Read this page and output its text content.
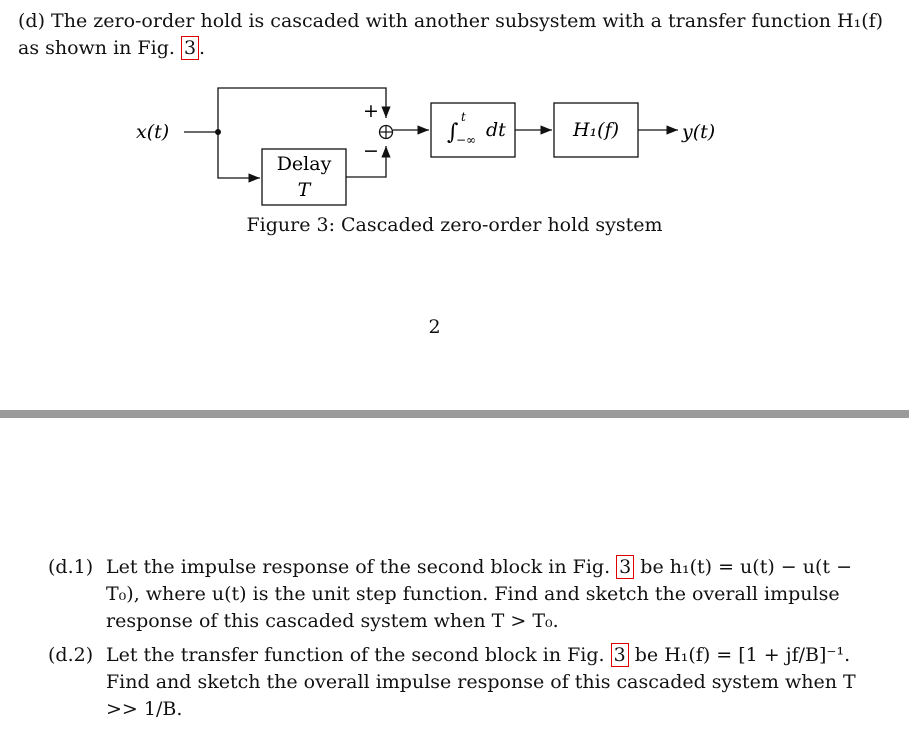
(d) The zero-order hold is cascaded with another subsystem with a transfer function H₁(f) as shown in Fig. 3 .
x(t)
Delay
T
+
−
∫
t
−∞ dt	H₁(f)	y(t)
Figure 3: Cascaded zero-order hold system
2
(d.1) Let the impulse response of the second block in Fig. 3 be h₁(t) = u(t) − u(t − T₀), where u(t) is the unit step function. Find and sketch the overall impulse response of this cascaded system when T > T₀.
(d.2) Let the transfer function of the second block in Fig. 3 be H₁(f) = [1 + jf/B]⁻¹. Find and sketch the overall impulse response of this cascaded system when T >> 1/B.
